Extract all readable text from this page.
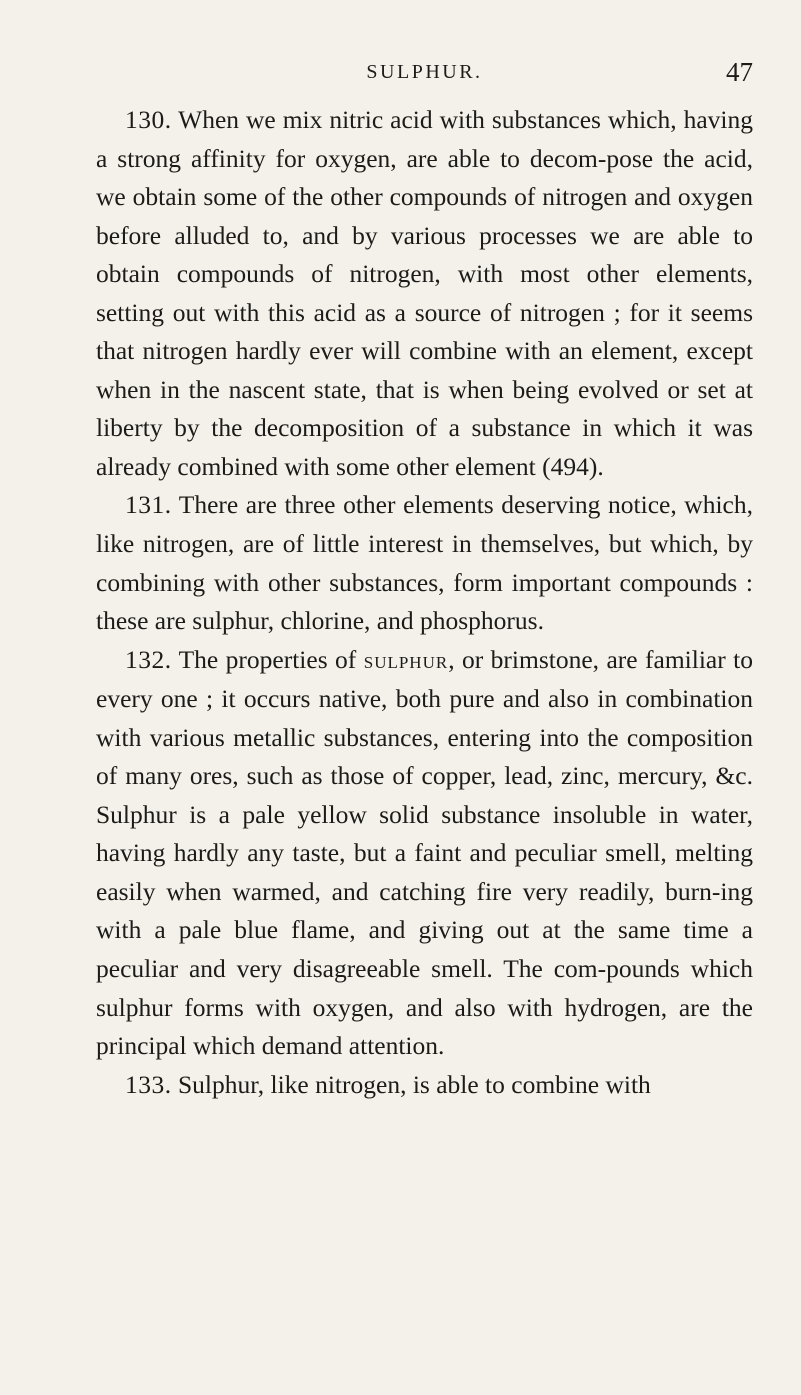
SULPHUR.	47

130. When we mix nitric acid with substances which, having a strong affinity for oxygen, are able to decom-pose the acid, we obtain some of the other compounds of nitrogen and oxygen before alluded to, and by various processes we are able to obtain compounds of nitrogen, with most other elements, setting out with this acid as a source of nitrogen ; for it seems that nitrogen hardly ever will combine with an element, except when in the nascent state, that is when being evolved or set at liberty by the decomposition of a substance in which it was already combined with some other element (494).

131. There are three other elements deserving notice, which, like nitrogen, are of little interest in themselves, but which, by combining with other substances, form important compounds : these are sulphur, chlorine, and phosphorus.

132. The properties of sulphur, or brimstone, are familiar to every one ; it occurs native, both pure and also in combination with various metallic substances, entering into the composition of many ores, such as those of copper, lead, zinc, mercury, &c. Sulphur is a pale yellow solid substance insoluble in water, having hardly any taste, but a faint and peculiar smell, melting easily when warmed, and catching fire very readily, burn-ing with a pale blue flame, and giving out at the same time a peculiar and very disagreeable smell. The com-pounds which sulphur forms with oxygen, and also with hydrogen, are the principal which demand attention.

133. Sulphur, like nitrogen, is able to combine with
